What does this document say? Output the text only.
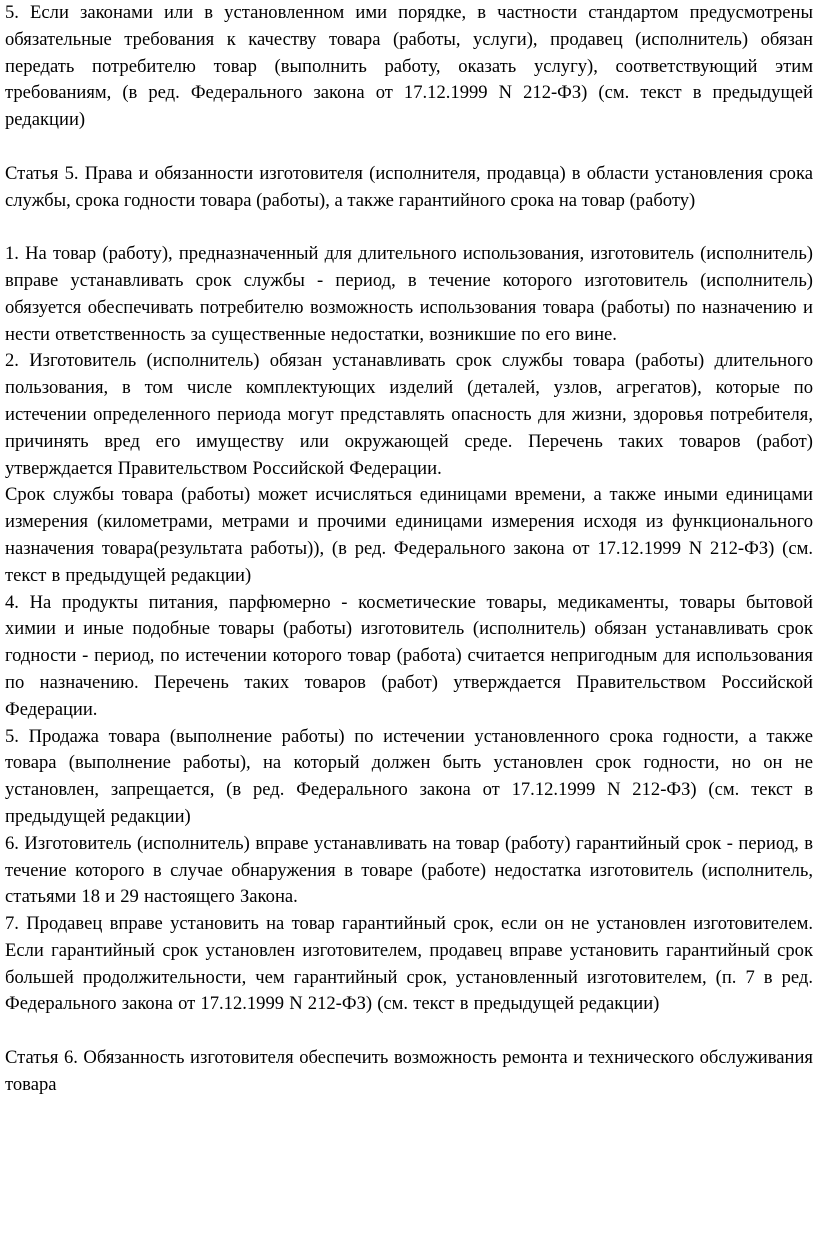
5. Если законами или в установленном ими порядке, в частности стандартом предусмотрены обязательные требования к качеству товара (работы, услуги), продавец (исполнитель) обязан передать потребителю товар (выполнить работу, оказать услугу), соответствующий этим требованиям, (в ред. Федерального закона от 17.12.1999 N 212-ФЗ) (см. текст в предыдущей редакции)

Статья 5. Права и обязанности изготовителя (исполнителя, продавца) в области установления срока службы, срока годности товара (работы), а также гарантийного срока на товар (работу)

1. На товар (работу), предназначенный для длительного использования, изготовитель (исполнитель) вправе устанавливать срок службы - период, в течение которого изготовитель (исполнитель) обязуется обеспечивать потребителю возможность использования товара (работы) по назначению и нести ответственность за существенные недостатки, возникшие по его вине.

2. Изготовитель (исполнитель) обязан устанавливать срок службы товара (работы) длительного пользования, в том числе комплектующих изделий (деталей, узлов, агрегатов), которые по истечении определенного периода могут представлять опасность для жизни, здоровья потребителя, причинять вред его имуществу или окружающей среде. Перечень таких товаров (работ) утверждается Правительством Российской Федерации.

Срок службы товара (работы) может исчисляться единицами времени, а также иными единицами измерения (километрами, метрами и прочими единицами измерения исходя из функционального назначения товара(результата работы)), (в ред. Федерального закона от 17.12.1999 N 212-ФЗ) (см. текст в предыдущей редакции)

4. На продукты питания, парфюмерно - косметические товары, медикаменты, товары бытовой химии и иные подобные товары (работы) изготовитель (исполнитель) обязан устанавливать срок годности - период, по истечении которого товар (работа) считается непригодным для использования по назначению. Перечень таких товаров (работ) утверждается Правительством Российской Федерации.

5. Продажа товара (выполнение работы) по истечении установленного срока годности, а также товара (выполнение работы), на который должен быть установлен срок годности, но он не установлен, запрещается, (в ред. Федерального закона от 17.12.1999 N 212-ФЗ) (см. текст в предыдущей редакции)

6. Изготовитель (исполнитель) вправе устанавливать на товар (работу) гарантийный срок - период, в течение которого в случае обнаружения в товаре (работе) недостатка изготовитель (исполнитель, статьями 18 и 29 настоящего Закона.

7. Продавец вправе установить на товар гарантийный срок, если он не установлен изготовителем. Если гарантийный срок установлен изготовителем, продавец вправе установить гарантийный срок большей продолжительности, чем гарантийный срок, установленный изготовителем, (п. 7 в ред. Федерального закона от 17.12.1999 N 212-ФЗ) (см. текст в предыдущей редакции)

Статья 6. Обязанность изготовителя обеспечить возможность ремонта и технического обслуживания товара
